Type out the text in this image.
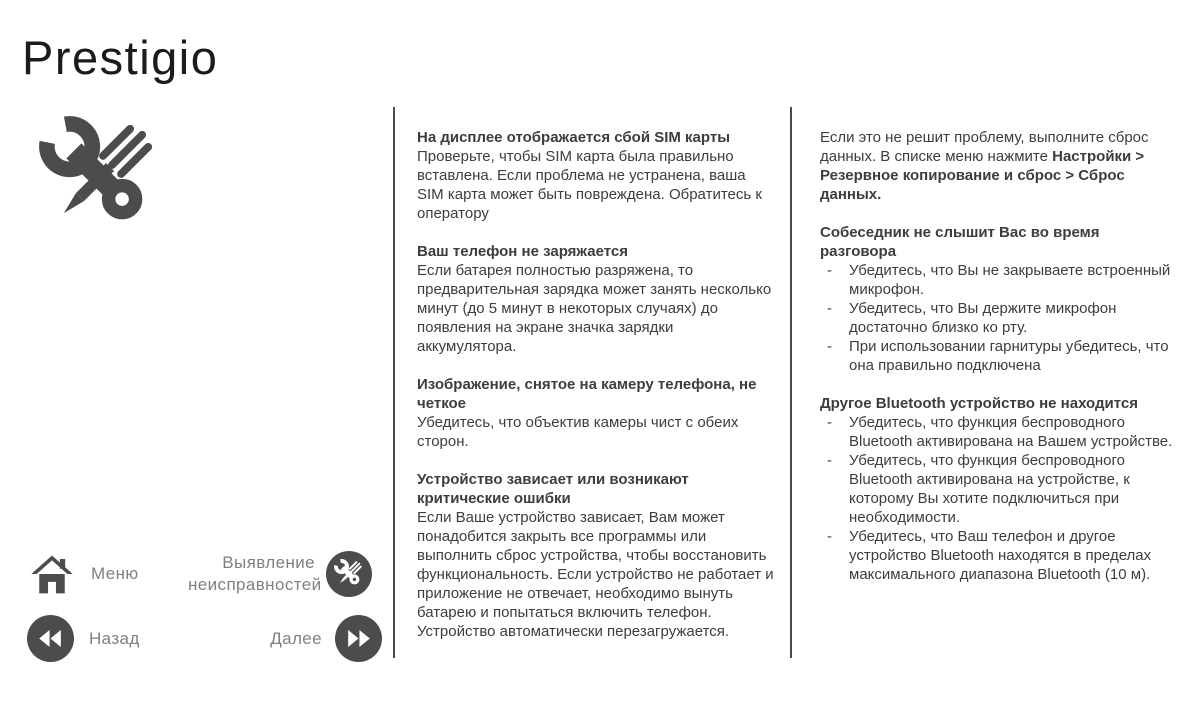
Prestigio
На дисплее отображается сбой SIM карты

Проверьте, чтобы SIM карта была правильно вставлена. Если проблема не устранена, ваша SIM карта может быть повреждена. Обратитесь к оператору

Ваш телефон не заряжается

Если батарея полностью разряжена, то предварительная зарядка может занять несколько минут (до 5 минут в некоторых случаях) до появления на экране значка зарядки аккумулятора.

Изображение, снятое на камеру телефона, не четкое

Убедитесь, что объектив камеры чист с обеих сторон.

Устройство зависает или возникают критические ошибки

Если Ваше устройство зависает, Вам может понадобится закрыть все программы или выполнить сброс устройства, чтобы восстановить функциональность. Если устройство не работает и приложение не отвечает, необходимо вынуть батарею и попытаться включить телефон. Устройство автоматически перезагружается.

Если это не решит проблему, выполните сброс данных. В списке меню нажмите Настройки > Резервное копирование и сброс > Сброс данных.

Собеседник не слышит Вас во время разговора
- Убедитесь, что Вы не закрываете встроенный микрофон.
- Убедитесь, что Вы держите микрофон достаточно близко ко рту.
- При использовании гарнитуры убедитесь, что она правильно подключена
Другое Bluetooth устройство не находится
- Убедитесь, что функция беспроводного Bluetooth активирована на Вашем устройстве.
- Убедитесь, что функция беспроводного Bluetooth активирована на устройстве, к которому Вы хотите подключиться при необходимости.
- Убедитесь, что Ваш телефон и другое устройство Bluetooth находятся в пределах максимального диапазона Bluetooth (10 м).
Меню
Назад
Выявление неисправностей
Далее
